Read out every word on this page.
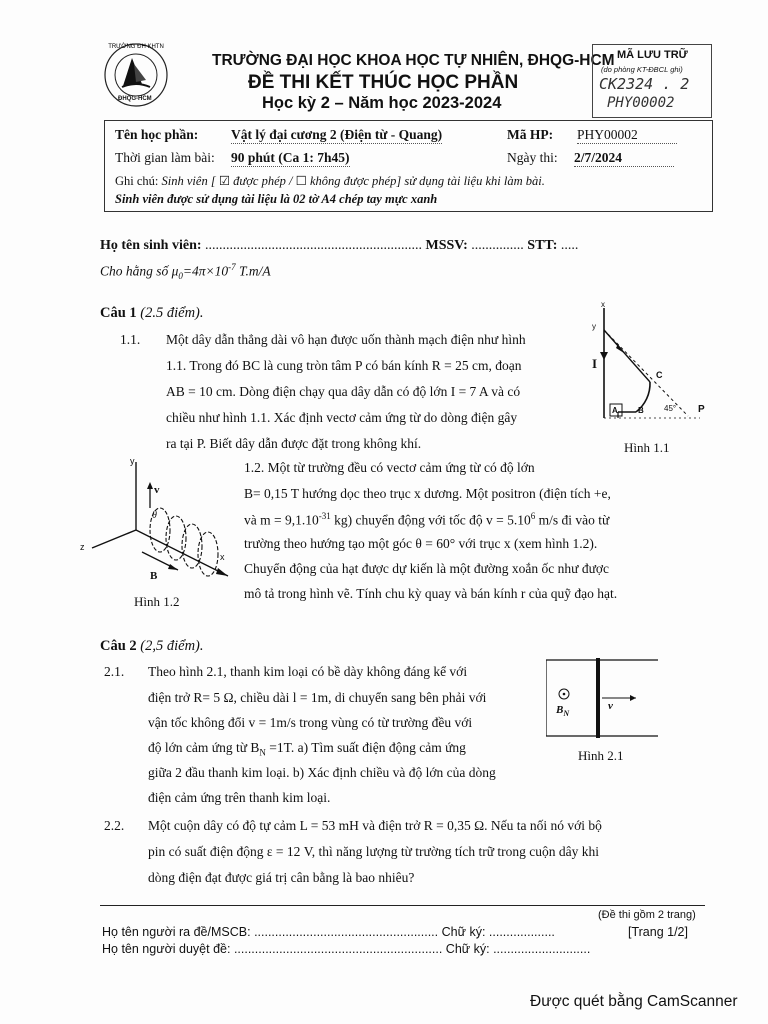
TRƯỜNG ĐH KHTN
ĐHQG-HCM
TRƯỜNG ĐẠI HỌC KHOA HỌC TỰ NHIÊN, ĐHQG-HCM
ĐỀ THI KẾT THÚC HỌC PHẦN
Học kỳ 2 – Năm học 2023-2024
MÃ LƯU TRỮ
(do phòng KT-ĐBCL ghi)
CK2324 . 2
PHY00002
Tên học phần: Vật lý đại cương 2 (Điện từ - Quang)	Mã HP: PHY00002
Thời gian làm bài: 90 phút (Ca 1: 7h45)	Ngày thi: 2/7/2024
Ghi chú: Sinh viên [ ☑ được phép / ☐ không được phép] sử dụng tài liệu khi làm bài.
Sinh viên được sử dụng tài liệu là 02 tờ A4 chép tay mực xanh
Họ tên sinh viên: .............................................................. MSSV: ............... STT: .....
Cho hằng số $\mu_0=4\pi\times 10^{-7}$ T.m/A
Câu 1 (2.5 điểm).
1.1. Một dây dẫn thẳng dài vô hạn được uốn thành mạch điện như hình
1.1. Trong đó BC là cung tròn tâm P có bán kính R = 25 cm, đoạn
AB = 10 cm. Dòng điện chạy qua dây dẫn có độ lớn I = 7 A và có
chiều như hình 1.1. Xác định vectơ cảm ứng từ do dòng điện gây
ra tại P. Biết dây dẫn được đặt trong không khí.
x
y
I
C
A	B	45° P
Hình 1.1
1.2. Một từ trường đều có vectơ cảm ứng từ có độ lớn
B= 0,15 T hướng dọc theo trục x dương. Một positron (điện tích +e,
và $m = 9,1.10^{-31}$ kg) chuyển động với tốc độ $v = 5.10^6$ m/s đi vào từ
trường theo hướng tạo một góc θ = 60° với trục x (xem hình 1.2).
Chuyển động của hạt được dự kiến là một đường xoắn ốc như được
mô tả trong hình vẽ. Tính chu kỳ quay và bán kính r của quỹ đạo hạt.
y
z
x
v
θ
B
Hình 1.2
Câu 2 (2,5 điểm).
2.1. Theo hình 2.1, thanh kim loại có bề dày không đáng kể với
điện trở R= 5 Ω, chiều dài l = 1m, di chuyển sang bên phải với
vận tốc không đổi v = 1m/s trong vùng có từ trường đều với
độ lớn cảm ứng từ $B_N =1T$. a) Tìm suất điện động cảm ứng
giữa 2 đầu thanh kim loại. b) Xác định chiều và độ lớn của dòng
điện cảm ứng trên thanh kim loại.
$B_N$
v
Hình 2.1
2.2. Một cuộn dây có độ tự cảm L = 53 mH và điện trở R = 0,35 Ω. Nếu ta nối nó với bộ
pin có suất điện động ε = 12 V, thì năng lượng từ trường tích trữ trong cuộn dây khi
dòng điện đạt được giá trị cân bằng là bao nhiêu?
(Đề thi gồm 2 trang)
Họ tên người ra đề/MSCB: ..................................................... Chữ ký: ...................	[Trang 1/2]
Họ tên người duyệt đề: ............................................................ Chữ ký: ............................
Được quét bằng CamScanner
